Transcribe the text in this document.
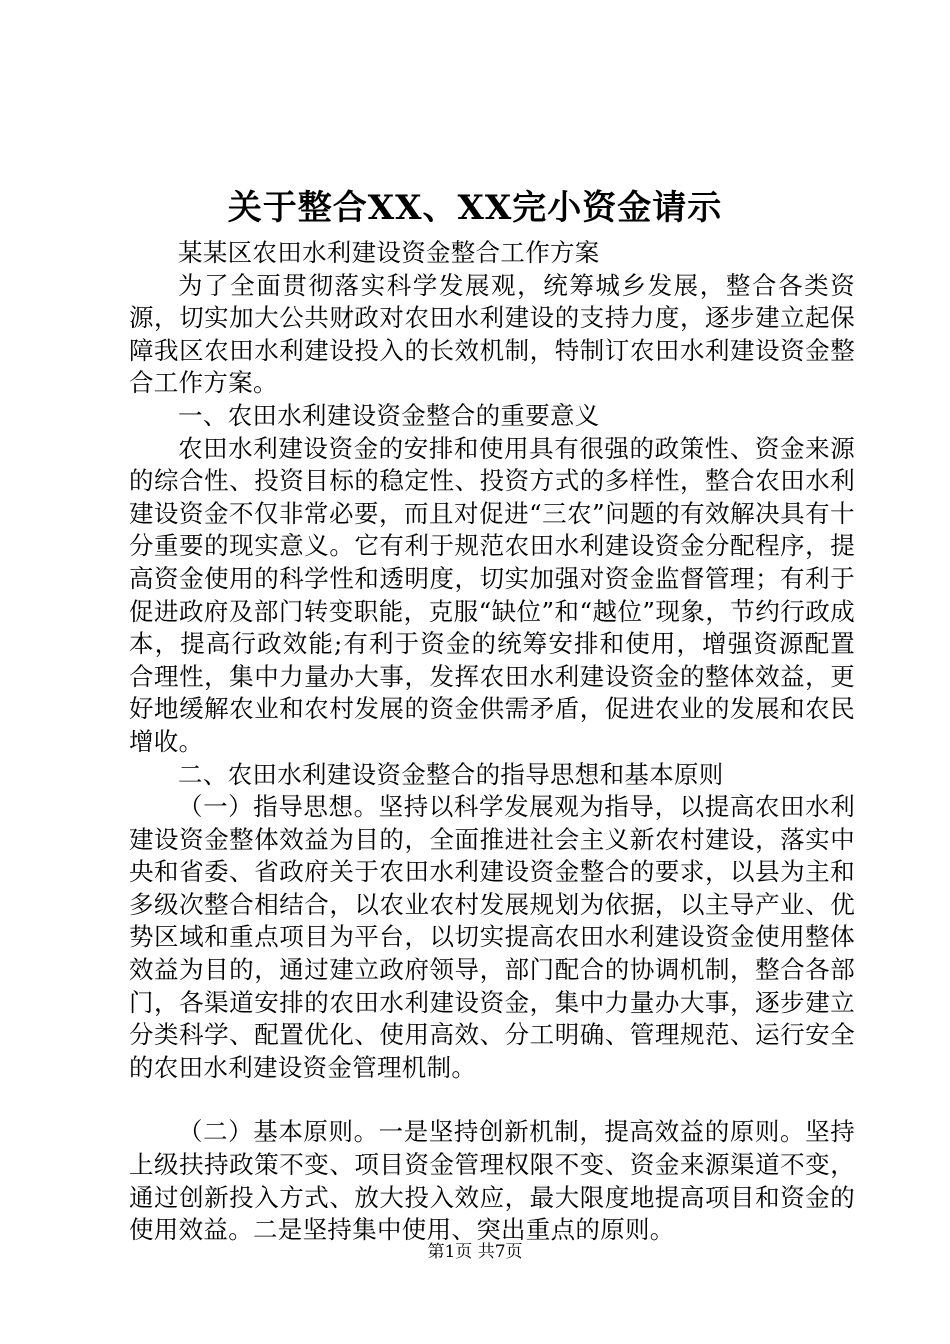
关于整合XX、XX完小资金请示

某某区农田水利建设资金整合工作方案

为了全面贯彻落实科学发展观，统筹城乡发展，整合各类资源，切实加大公共财政对农田水利建设的支持力度，逐步建立起保障我区农田水利建设投入的长效机制，特制订农田水利建设资金整合工作方案。

一、农田水利建设资金整合的重要意义

农田水利建设资金的安排和使用具有很强的政策性、资金来源的综合性、投资目标的稳定性、投资方式的多样性，整合农田水利建设资金不仅非常必要，而且对促进“三农”问题的有效解决具有十分重要的现实意义。它有利于规范农田水利建设资金分配程序，提高资金使用的科学性和透明度，切实加强对资金监督管理；有利于促进政府及部门转变职能，克服“缺位”和“越位”现象，节约行政成本，提高行政效能;有利于资金的统筹安排和使用，增强资源配置合理性，集中力量办大事，发挥农田水利建设资金的整体效益，更好地缓解农业和农村发展的资金供需矛盾，促进农业的发展和农民增收。

二、农田水利建设资金整合的指导思想和基本原则

（一）指导思想。坚持以科学发展观为指导，以提高农田水利建设资金整体效益为目的，全面推进社会主义新农村建设，落实中央和省委、省政府关于农田水利建设资金整合的要求，以县为主和多级次整合相结合，以农业农村发展规划为依据，以主导产业、优势区域和重点项目为平台，以切实提高农田水利建设资金使用整体效益为目的，通过建立政府领导，部门配合的协调机制，整合各部门，各渠道安排的农田水利建设资金，集中力量办大事，逐步建立分类科学、配置优化、使用高效、分工明确、管理规范、运行安全的农田水利建设资金管理机制。

（二）基本原则。一是坚持创新机制，提高效益的原则。坚持上级扶持政策不变、项目资金管理权限不变、资金来源渠道不变，通过创新投入方式、放大投入效应，最大限度地提高项目和资金的使用效益。二是坚持集中使用、突出重点的原则。

第1页 共7页
